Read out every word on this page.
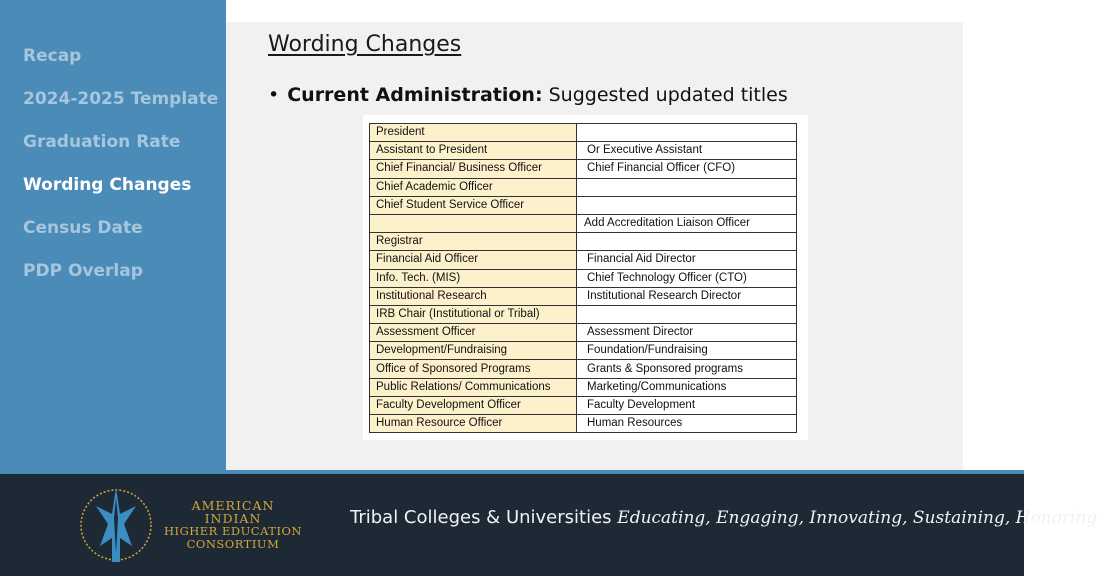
Recap
2024-2025 Template
Graduation Rate
Wording Changes
Census Date
PDP Overlap
Wording Changes
• Current Administration: Suggested updated titles
President	
Assistant to President	Or Executive Assistant
Chief Financial/ Business Officer	Chief Financial Officer (CFO)
Chief Academic Officer	
Chief Student Service Officer	
	Add Accreditation Liaison Officer
Registrar	
Financial Aid Officer	Financial Aid Director
Info. Tech. (MIS)	Chief Technology Officer (CTO)
Institutional Research	Institutional Research Director
IRB Chair (Institutional or Tribal)	
Assessment Officer	Assessment Director
Development/Fundraising	Foundation/Fundraising
Office of Sponsored Programs	Grants & Sponsored programs
Public Relations/ Communications	Marketing/Communications
Faculty Development Officer	Faculty Development
Human Resource Officer	Human Resources
AMERICAN INDIAN
HIGHER EDUCATION
CONSORTIUM
Tribal Colleges & Universities Educating, Engaging, Innovating, Sustaining, Honoring
